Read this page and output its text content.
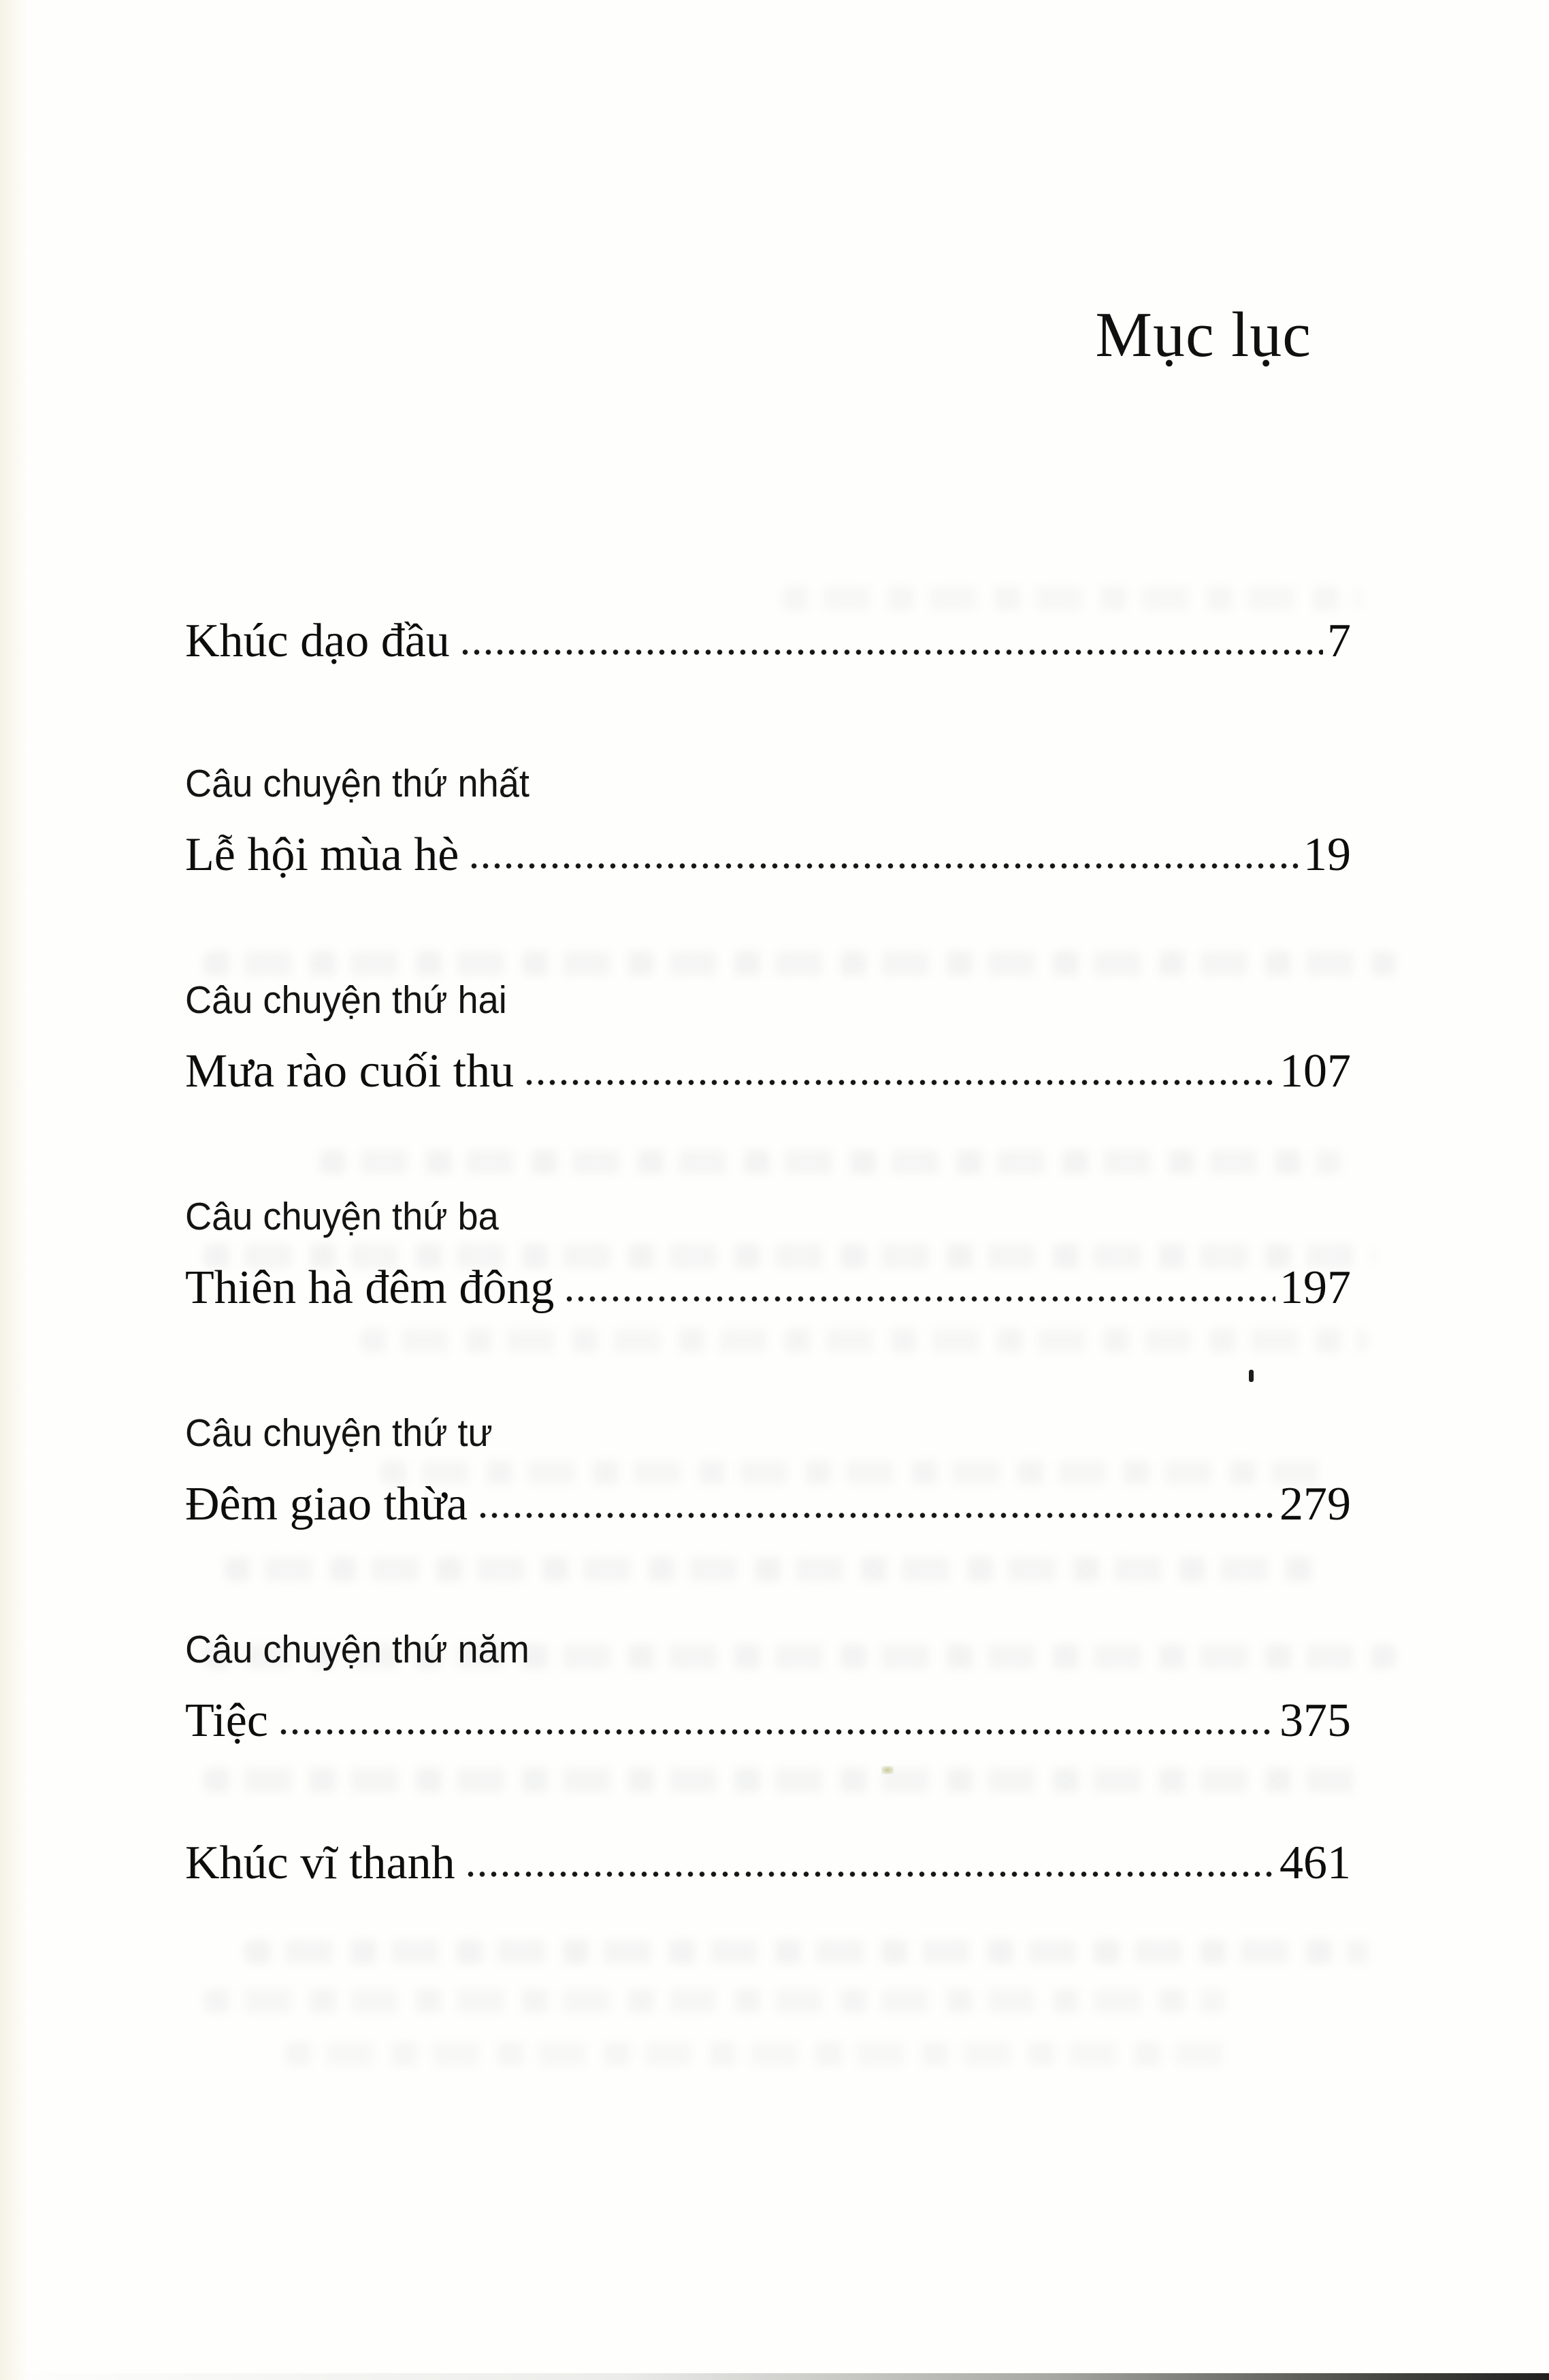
Mục lục
Khúc dạo đầu	7
Câu chuyện thứ nhất
Lễ hội mùa hè	19
Câu chuyện thứ hai
Mưa rào cuối thu	107
Câu chuyện thứ ba
Thiên hà đêm đông	197
Câu chuyện thứ tư
Đêm giao thừa	279
Câu chuyện thứ năm
Tiệc	375
Khúc vĩ thanh	461
